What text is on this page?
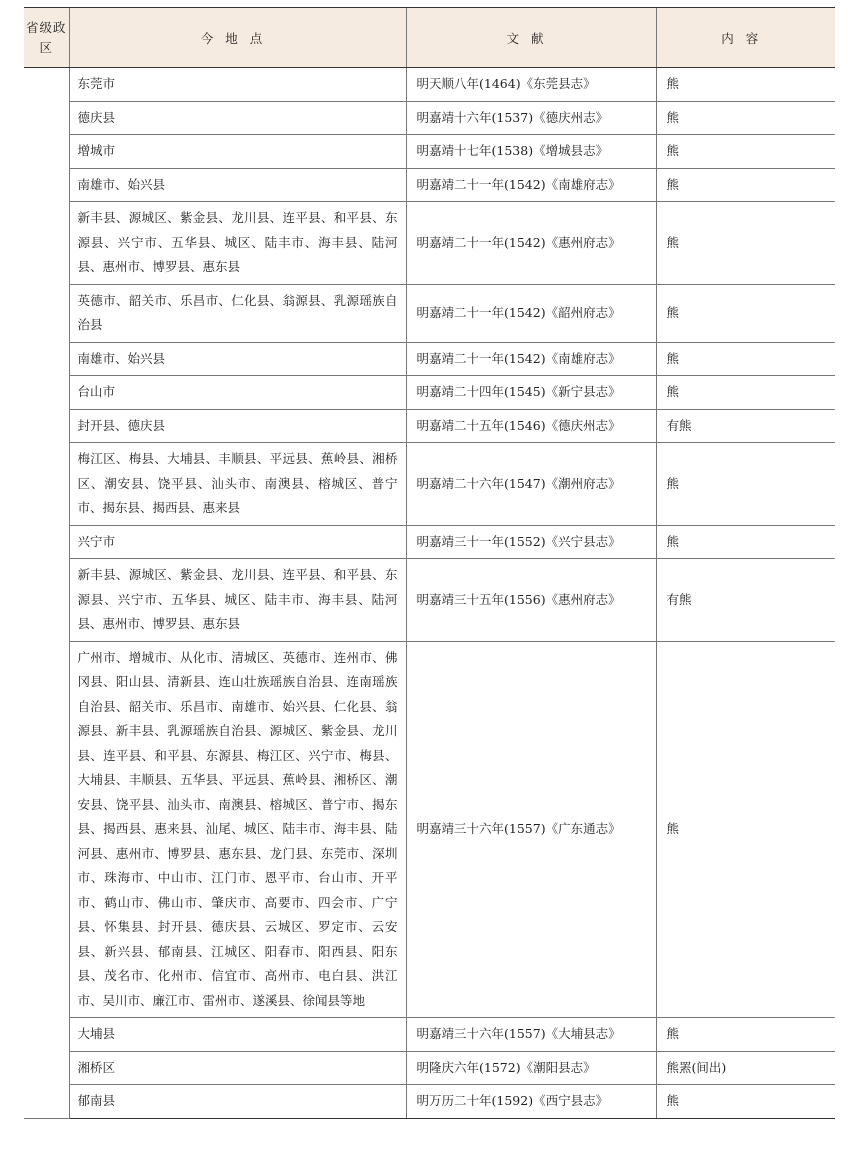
省级政区	今地点	文献	内容
	东莞市	明天顺八年(1464)《东莞县志》	熊
	德庆县	明嘉靖十六年(1537)《德庆州志》	熊
	增城市	明嘉靖十七年(1538)《增城县志》	熊
	南雄市、始兴县	明嘉靖二十一年(1542)《南雄府志》	熊
	新丰县、源城区、紫金县、龙川县、连平县、和平县、东源县、兴宁市、五华县、城区、陆丰市、海丰县、陆河县、惠州市、博罗县、惠东县	明嘉靖二十一年(1542)《惠州府志》	熊
	英德市、韶关市、乐昌市、仁化县、翁源县、乳源瑶族自治县	明嘉靖二十一年(1542)《韶州府志》	熊
	南雄市、始兴县	明嘉靖二十一年(1542)《南雄府志》	熊
	台山市	明嘉靖二十四年(1545)《新宁县志》	熊
	封开县、德庆县	明嘉靖二十五年(1546)《德庆州志》	有熊
	梅江区、梅县、大埔县、丰顺县、平远县、蕉岭县、湘桥区、潮安县、饶平县、汕头市、南澳县、榕城区、普宁市、揭东县、揭西县、惠来县	明嘉靖二十六年(1547)《潮州府志》	熊
	兴宁市	明嘉靖三十一年(1552)《兴宁县志》	熊
	新丰县、源城区、紫金县、龙川县、连平县、和平县、东源县、兴宁市、五华县、城区、陆丰市、海丰县、陆河县、惠州市、博罗县、惠东县	明嘉靖三十五年(1556)《惠州府志》	有熊
	广州市、增城市、从化市、清城区、英德市、连州市、佛冈县、阳山县、清新县、连山壮族瑶族自治县、连南瑶族自治县、韶关市、乐昌市、南雄市、始兴县、仁化县、翁源县、新丰县、乳源瑶族自治县、源城区、紫金县、龙川县、连平县、和平县、东源县、梅江区、兴宁市、梅县、大埔县、丰顺县、五华县、平远县、蕉岭县、湘桥区、潮安县、饶平县、汕头市、南澳县、榕城区、普宁市、揭东县、揭西县、惠来县、汕尾、城区、陆丰市、海丰县、陆河县、惠州市、博罗县、惠东县、龙门县、东莞市、深圳市、珠海市、中山市、江门市、恩平市、台山市、开平市、鹤山市、佛山市、肇庆市、高要市、四会市、广宁县、怀集县、封开县、德庆县、云城区、罗定市、云安县、新兴县、郁南县、江城区、阳春市、阳西县、阳东县、茂名市、化州市、信宜市、高州市、电白县、洪江市、吴川市、廉江市、雷州市、遂溪县、徐闻县等地	明嘉靖三十六年(1557)《广东通志》	熊
	大埔县	明嘉靖三十六年(1557)《大埔县志》	熊
	湘桥区	明隆庆六年(1572)《潮阳县志》	熊罴(间出)
	郁南县	明万历二十年(1592)《西宁县志》	熊
